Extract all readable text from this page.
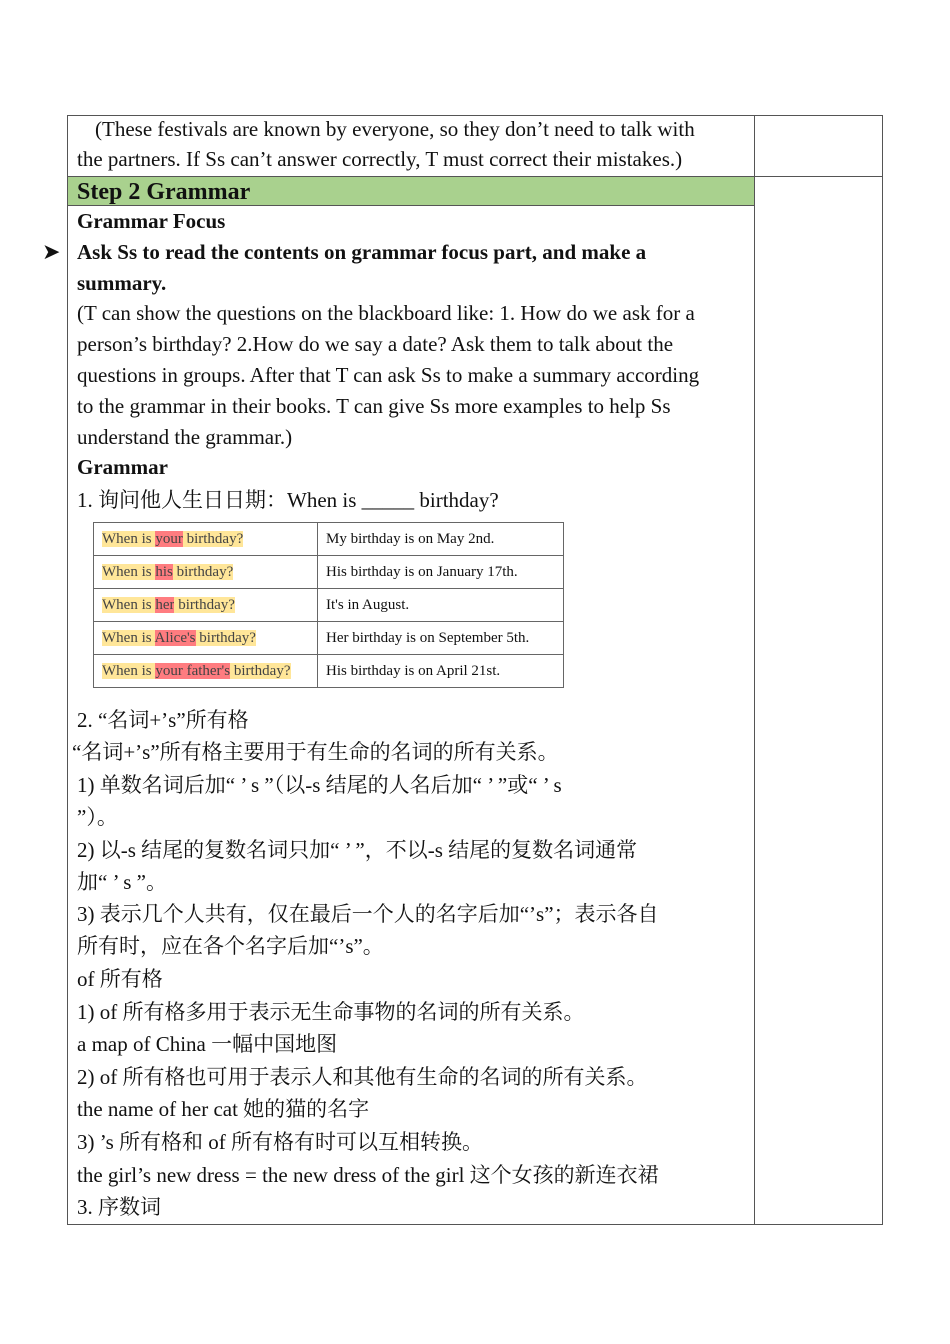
(These festivals are known by everyone, so they don’t need to talk with
the partners. If Ss can’t answer correctly, T must correct their mistakes.)
Step 2 Grammar
Grammar Focus
➤ Ask Ss to read the contents on grammar focus part, and make a
summary.
(T can show the questions on the blackboard like: 1. How do we ask for a
person’s birthday? 2.How do we say a date? Ask them to talk about the
questions in groups. After that T can ask Ss to make a summary according
to the grammar in their books. T can give Ss more examples to help Ss
understand the grammar.)
Grammar
1. 询问他人生日日期：When is _____ birthday?
When is your birthday?	My birthday is on May 2nd.
When is his birthday?	His birthday is on January 17th.
When is her birthday?	It's in August.
When is Alice's birthday?	Her birthday is on September 5th.
When is your father's birthday?	His birthday is on April 21st.
2. “名词+’s”所有格
“名词+’s”所有格主要用于有生命的名词的所有关系。
1) 单数名词后加“ ’ s ”（以-s 结尾的人名后加“ ’ ”或“ ’ s
”）。
2) 以-s 结尾的复数名词只加“ ’ ”，不以-s 结尾的复数名词通常
加“ ’ s ”。
3) 表示几个人共有，仅在最后一个人的名字后加“’s”；表示各自
所有时，应在各个名字后加“’s”。
of 所有格
1) of 所有格多用于表示无生命事物的名词的所有关系。
a map of China 一幅中国地图
2) of 所有格也可用于表示人和其他有生命的名词的所有关系。
the name of her cat 她的猫的名字
3) ’s 所有格和 of 所有格有时可以互相转换。
the girl’s new dress = the new dress of the girl 这个女孩的新连衣裙
3. 序数词
